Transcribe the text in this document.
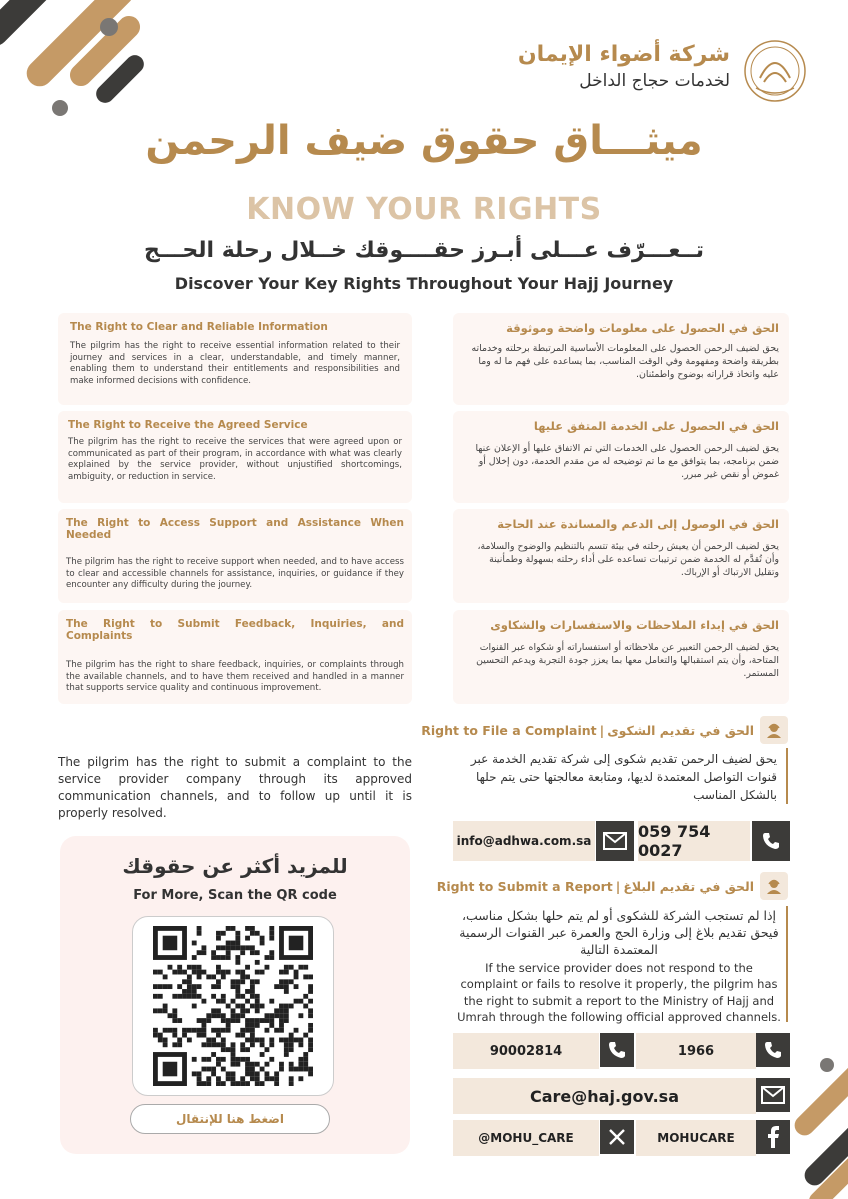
شركة أضواء الإيمان
لخدمات حجاج الداخل
ميثـــاق حقوق ضيف الرحمن
KNOW YOUR RIGHTS
تــعـــرّف عـــلى أبـرز حقــــوقك خــلال رحلة الحـــج
Discover Your Key Rights Throughout Your Hajj Journey
The Right to Clear and Reliable Information

The pilgrim has the right to receive essential information related to their journey and services in a clear, understandable, and timely manner, enabling them to understand their entitlements and responsibilities and make informed decisions with confidence.

The Right to Receive the Agreed Service

The pilgrim has the right to receive the services that were agreed upon or communicated as part of their program, in accordance with what was clearly explained by the service provider, without unjustified shortcomings, ambiguity, or reduction in service.

The Right to Access Support and Assistance When Needed

The pilgrim has the right to receive support when needed, and to have access to clear and accessible channels for assistance, inquiries, or guidance if they encounter any difficulty during the journey.

The Right to Submit Feedback, Inquiries, and Complaints

The pilgrim has the right to share feedback, inquiries, or complaints through the available channels, and to have them received and handled in a manner that supports service quality and continuous improvement.

الحق في الحصول على معلومات واضحة وموثوقة

يحق لضيف الرحمن الحصول على المعلومات الأساسية المرتبطة برحلته وخدماته بطريقة واضحة ومفهومة وفي الوقت المناسب، بما يساعده على فهم ما له وما عليه واتخاذ قراراته بوضوح واطمئنان.

الحق في الحصول على الخدمة المتفق عليها

يحق لضيف الرحمن الحصول على الخدمات التي تم الاتفاق عليها أو الإعلان عنها ضمن برنامجه، بما يتوافق مع ما تم توضيحه له من مقدم الخدمة، دون إخلال أو غموض أو نقص غير مبرر.

الحق في الوصول إلى الدعم والمساندة عند الحاجة

يحق لضيف الرحمن أن يعيش رحلته في بيئة تتسم بالتنظيم والوضوح والسلامة، وأن تُقدَّم له الخدمة ضمن ترتيبات تساعده على أداء رحلته بسهولة وطمأنينة وتقليل الارتباك أو الإرباك.

الحق في إبداء الملاحظات والاستفسارات والشكاوى

يحق لضيف الرحمن التعبير عن ملاحظاته أو استفساراته أو شكواه عبر القنوات المتاحة، وأن يتم استقبالها والتعامل معها بما يعزز جودة التجربة ويدعم التحسين المستمر.

الحق في تقديم الشكوى
|
Right to File a Complaint
يحق لضيف الرحمن تقديم شكوى إلى شركة تقديم الخدمة عبر قنوات التواصل المعتمدة لديها، ومتابعة معالجتها حتى يتم حلها بالشكل المناسب
The pilgrim has the right to submit a complaint to the service provider company through its approved communication channels, and to follow up until it is properly resolved.
info@adhwa.com.sa	059 754 0027
الحق في تقديم البلاغ
|
Right to Submit a Report
إذا لم تستجب الشركة للشكوى أو لم يتم حلها بشكل مناسب، فيحق تقديم بلاغ إلى وزارة الحج والعمرة عبر القنوات الرسمية المعتمدة التالية
If the service provider does not respond to the complaint or fails to resolve it properly, the pilgrim has the right to submit a report to the Ministry of Hajj and Umrah through the following official approved channels.
90002814	1966
Care@haj.gov.sa
@MOHU_CARE	MOHUCARE
للمزيد أكثر عن حقوقك
For More, Scan the QR code
اضغط هنا للإنتقال
